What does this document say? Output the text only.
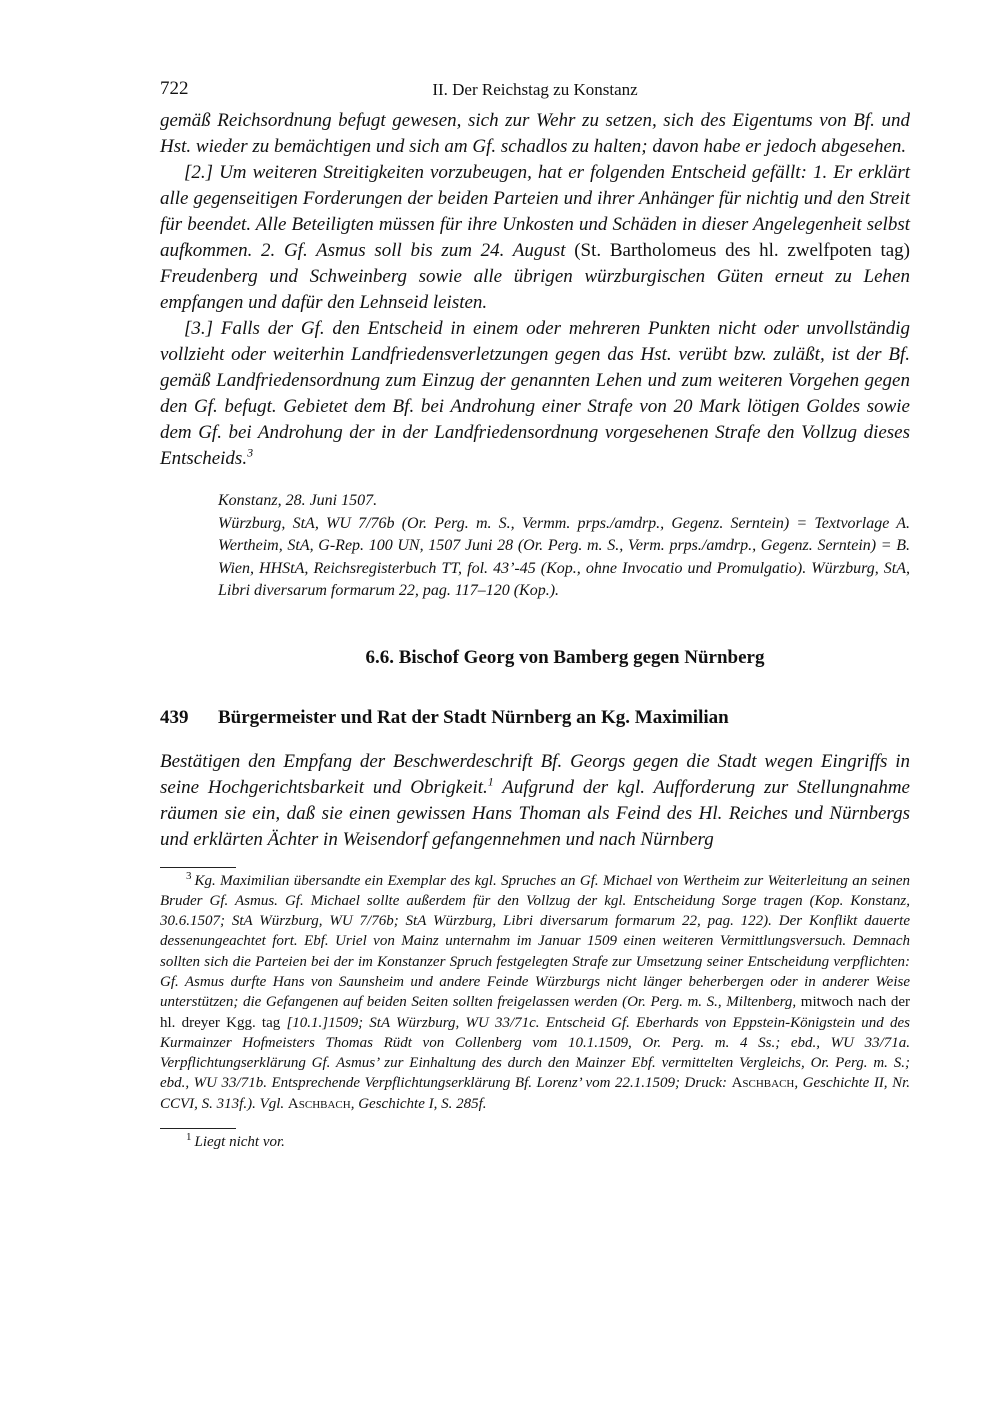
722	II. Der Reichstag zu Konstanz

gemäß Reichsordnung befugt gewesen, sich zur Wehr zu setzen, sich des Eigentums von Bf. und Hst. wieder zu bemächtigen und sich am Gf. schadlos zu halten; davon habe er jedoch abgesehen.

[2.] Um weiteren Streitigkeiten vorzubeugen, hat er folgenden Entscheid gefällt: 1. Er erklärt alle gegenseitigen Forderungen der beiden Parteien und ihrer Anhänger für nichtig und den Streit für beendet. Alle Beteiligten müssen für ihre Unkosten und Schäden in dieser Angelegenheit selbst aufkommen. 2. Gf. Asmus soll bis zum 24. August (St. Bartholomeus des hl. zwelfpoten tag) Freudenberg und Schweinberg sowie alle übrigen würzburgischen Güten erneut zu Lehen empfangen und dafür den Lehnseid leisten.

[3.] Falls der Gf. den Entscheid in einem oder mehreren Punkten nicht oder unvollständig vollzieht oder weiterhin Landfriedensverletzungen gegen das Hst. verübt bzw. zuläßt, ist der Bf. gemäß Landfriedensordnung zum Einzug der genannten Lehen und zum weiteren Vorgehen gegen den Gf. befugt. Gebietet dem Bf. bei Androhung einer Strafe von 20 Mark lötigen Goldes sowie dem Gf. bei Androhung der in der Landfriedensordnung vorgesehenen Strafe den Vollzug dieses Entscheids.$^3$

Konstanz, 28. Juni 1507.

Würzburg, StA, WU 7/76b (Or. Perg. m. S., Vermm. prps./amdrp., Gegenz. Serntein) = Textvorlage A. Wertheim, StA, G-Rep. 100 UN, 1507 Juni 28 (Or. Perg. m. S., Verm. prps./amdrp., Gegenz. Serntein) = B. Wien, HHStA, Reichsregisterbuch TT, fol. 43’-45 (Kop., ohne Invocatio und Promulgatio). Würzburg, StA, Libri diversarum formarum 22, pag. 117–120 (Kop.).

6.6. Bischof Georg von Bamberg gegen Nürnberg
439 Bürgermeister und Rat der Stadt Nürnberg an Kg. Maximilian
Bestätigen den Empfang der Beschwerdeschrift Bf. Georgs gegen die Stadt wegen Eingriffs in seine Hochgerichtsbarkeit und Obrigkeit.$^1$ Aufgrund der kgl. Aufforderung zur Stellungnahme räumen sie ein, daß sie einen gewissen Hans Thoman als Feind des Hl. Reiches und Nürnbergs und erklärten Ächter in Weisendorf gefangennehmen und nach Nürnberg
$^3$ Kg. Maximilian übersandte ein Exemplar des kgl. Spruches an Gf. Michael von Wertheim zur Weiterleitung an seinen Bruder Gf. Asmus. Gf. Michael sollte außerdem für den Vollzug der kgl. Entscheidung Sorge tragen (Kop. Konstanz, 30.6.1507; StA Würzburg, WU 7/76b; StA Würzburg, Libri diversarum formarum 22, pag. 122). Der Konflikt dauerte dessenungeachtet fort. Ebf. Uriel von Mainz unternahm im Januar 1509 einen weiteren Vermittlungsversuch. Demnach sollten sich die Parteien bei der im Konstanzer Spruch festgelegten Strafe zur Umsetzung seiner Entscheidung verpflichten: Gf. Asmus durfte Hans von Saunsheim und andere Feinde Würzburgs nicht länger beherbergen oder in anderer Weise unterstützen; die Gefangenen auf beiden Seiten sollten freigelassen werden (Or. Perg. m. S., Miltenberg, mitwoch nach der hl. dreyer Kgg. tag [10.1.]1509; StA Würzburg, WU 33/71c. Entscheid Gf. Eberhards von Eppstein-Königstein und des Kurmainzer Hofmeisters Thomas Rüdt von Collenberg vom 10.1.1509, Or. Perg. m. 4 Ss.; ebd., WU 33/71a. Verpflichtungserklärung Gf. Asmus’ zur Einhaltung des durch den Mainzer Ebf. vermittelten Vergleichs, Or. Perg. m. S.; ebd., WU 33/71b. Entsprechende Verpflichtungserklärung Bf. Lorenz’ vom 22.1.1509; Druck: Aschbach, Geschichte II, Nr. CCVI, S. 313f.). Vgl. Aschbach, Geschichte I, S. 285f.
$^1$ Liegt nicht vor.
